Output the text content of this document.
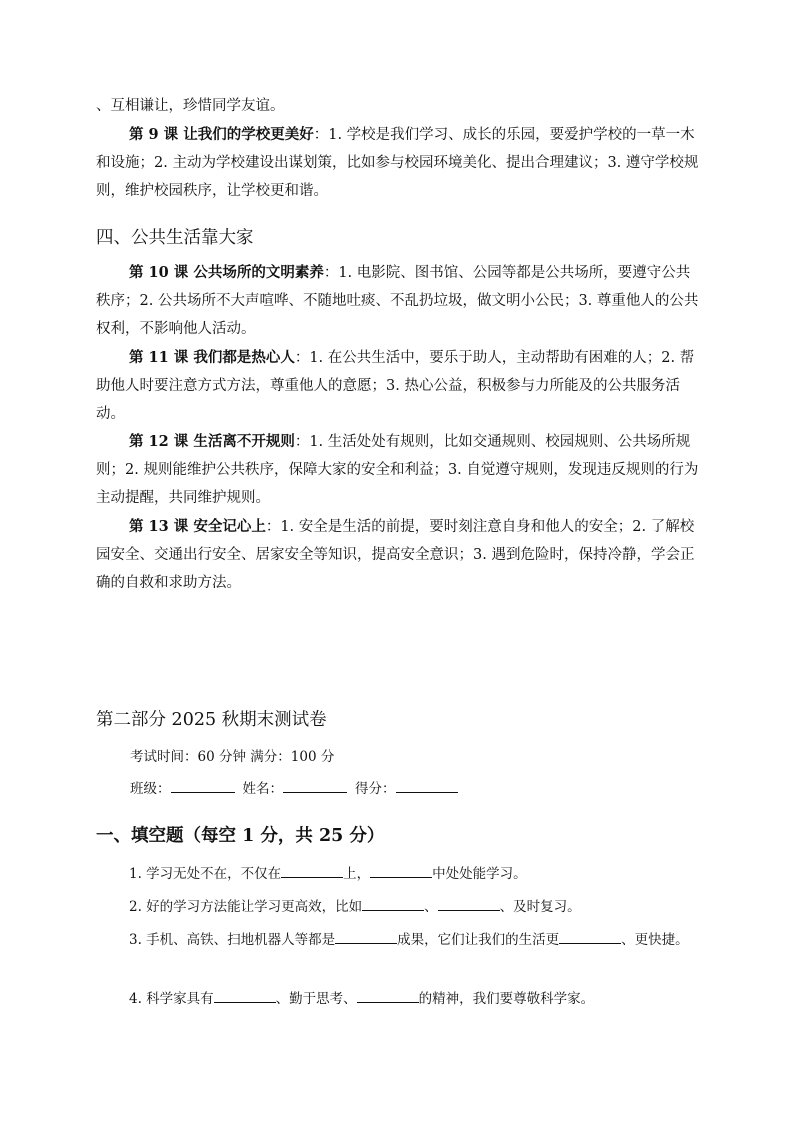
、互相谦让，珍惜同学友谊。

第 9 课 让我们的学校更美好：1. 学校是我们学习、成长的乐园，要爱护学校的一草一木和设施；2. 主动为学校建设出谋划策，比如参与校园环境美化、提出合理建议；3. 遵守学校规则，维护校园秩序，让学校更和谐。

四、公共生活靠大家

第 10 课 公共场所的文明素养：1. 电影院、图书馆、公园等都是公共场所，要遵守公共秩序；2. 公共场所不大声喧哗、不随地吐痰、不乱扔垃圾，做文明小公民；3. 尊重他人的公共权利，不影响他人活动。

第 11 课 我们都是热心人：1. 在公共生活中，要乐于助人，主动帮助有困难的人；2. 帮助他人时要注意方式方法，尊重他人的意愿；3. 热心公益，积极参与力所能及的公共服务活动。

第 12 课 生活离不开规则：1. 生活处处有规则，比如交通规则、校园规则、公共场所规则；2. 规则能维护公共秩序，保障大家的安全和利益；3. 自觉遵守规则，发现违反规则的行为主动提醒，共同维护规则。

第 13 课 安全记心上：1. 安全是生活的前提，要时刻注意自身和他人的安全；2. 了解校园安全、交通出行安全、居家安全等知识，提高安全意识；3. 遇到危险时，保持冷静，学会正确的自救和求助方法。

第二部分 2025 秋期末测试卷

考试时间：60 分钟 满分：100 分

班级：	姓名：	得分：

一、填空题（每空 1 分，共 25 分）

1. 学习无处不在，不仅在	上，	中处处能学习。

2. 好的学习方法能让学习更高效，比如	、	、及时复习。

3. 手机、高铁、扫地机器人等都是	成果，它们让我们的生活更	、更快捷。

4. 科学家具有	、勤于思考、	的精神，我们要尊敬科学家。
